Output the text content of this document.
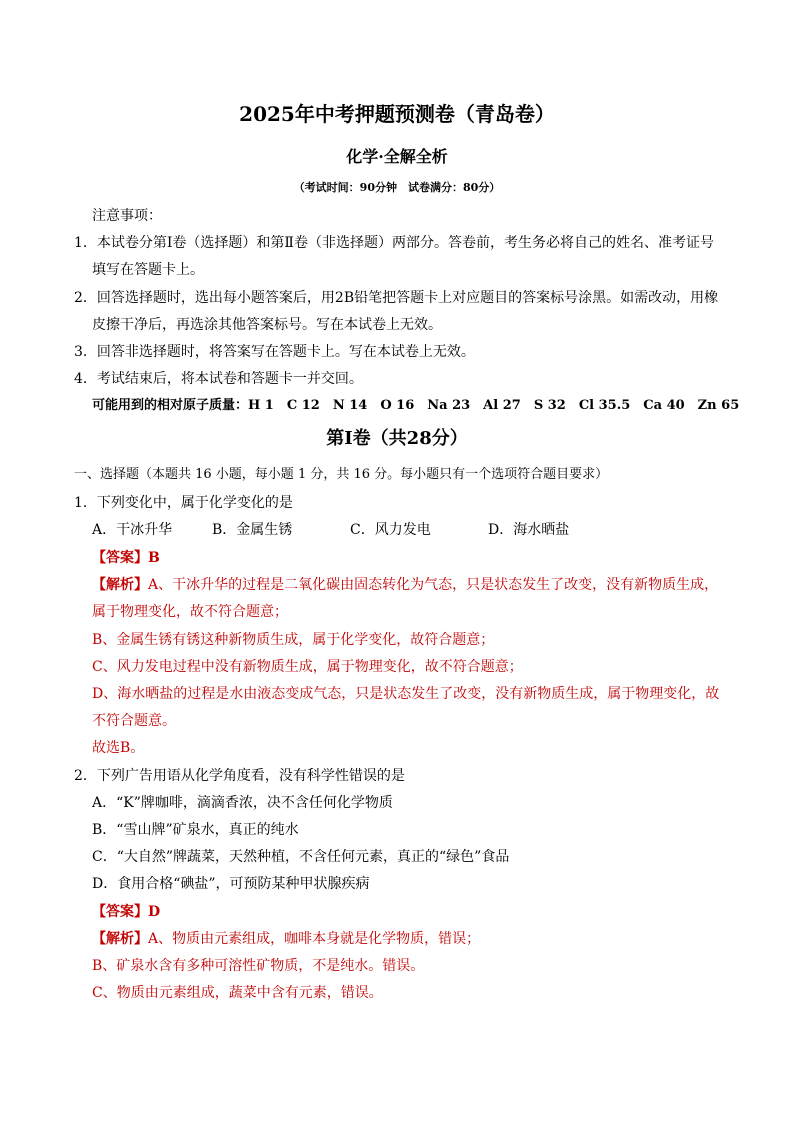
2025年中考押题预测卷（青岛卷）
化学·全解全析
（考试时间：90分钟　试卷满分：80分）
注意事项：
1．本试卷分第Ⅰ卷（选择题）和第Ⅱ卷（非选择题）两部分。答卷前，考生务必将自己的姓名、准考证号
填写在答题卡上。
2．回答选择题时，选出每小题答案后，用2B铅笔把答题卡上对应题目的答案标号涂黑。如需改动，用橡
皮擦干净后，再选涂其他答案标号。写在本试卷上无效。
3．回答非选择题时，将答案写在答题卡上。写在本试卷上无效。
4．考试结束后，将本试卷和答题卡一并交回。
可能用到的相对原子质量：H 1　C 12　N 14　O 16　Na 23　Al 27　S 32　Cl 35.5　Ca 40　Zn 65
第Ⅰ卷（共28分）
一、选择题（本题共 16 小题，每小题 1 分，共 16 分。每小题只有一个选项符合题目要求）
1．下列变化中，属于化学变化的是
A．干冰升华	B．金属生锈	C．风力发电	D．海水晒盐
【答案】B
【解析】A、干冰升华的过程是二氧化碳由固态转化为气态，只是状态发生了改变，没有新物质生成，
属于物理变化，故不符合题意；
B、金属生锈有锈这种新物质生成，属于化学变化，故符合题意；
C、风力发电过程中没有新物质生成，属于物理变化，故不符合题意；
D、海水晒盐的过程是水由液态变成气态，只是状态发生了改变，没有新物质生成，属于物理变化，故
不符合题意。
故选B。
2．下列广告用语从化学角度看，没有科学性错误的是
A．“K”牌咖啡，滴滴香浓，决不含任何化学物质
B．“雪山牌”矿泉水，真正的纯水
C．“大自然”牌蔬菜，天然种植，不含任何元素，真正的“绿色”食品
D．食用合格“碘盐”，可预防某种甲状腺疾病
【答案】D
【解析】A、物质由元素组成，咖啡本身就是化学物质，错误；
B、矿泉水含有多种可溶性矿物质，不是纯水。错误。
C、物质由元素组成，蔬菜中含有元素，错误。
